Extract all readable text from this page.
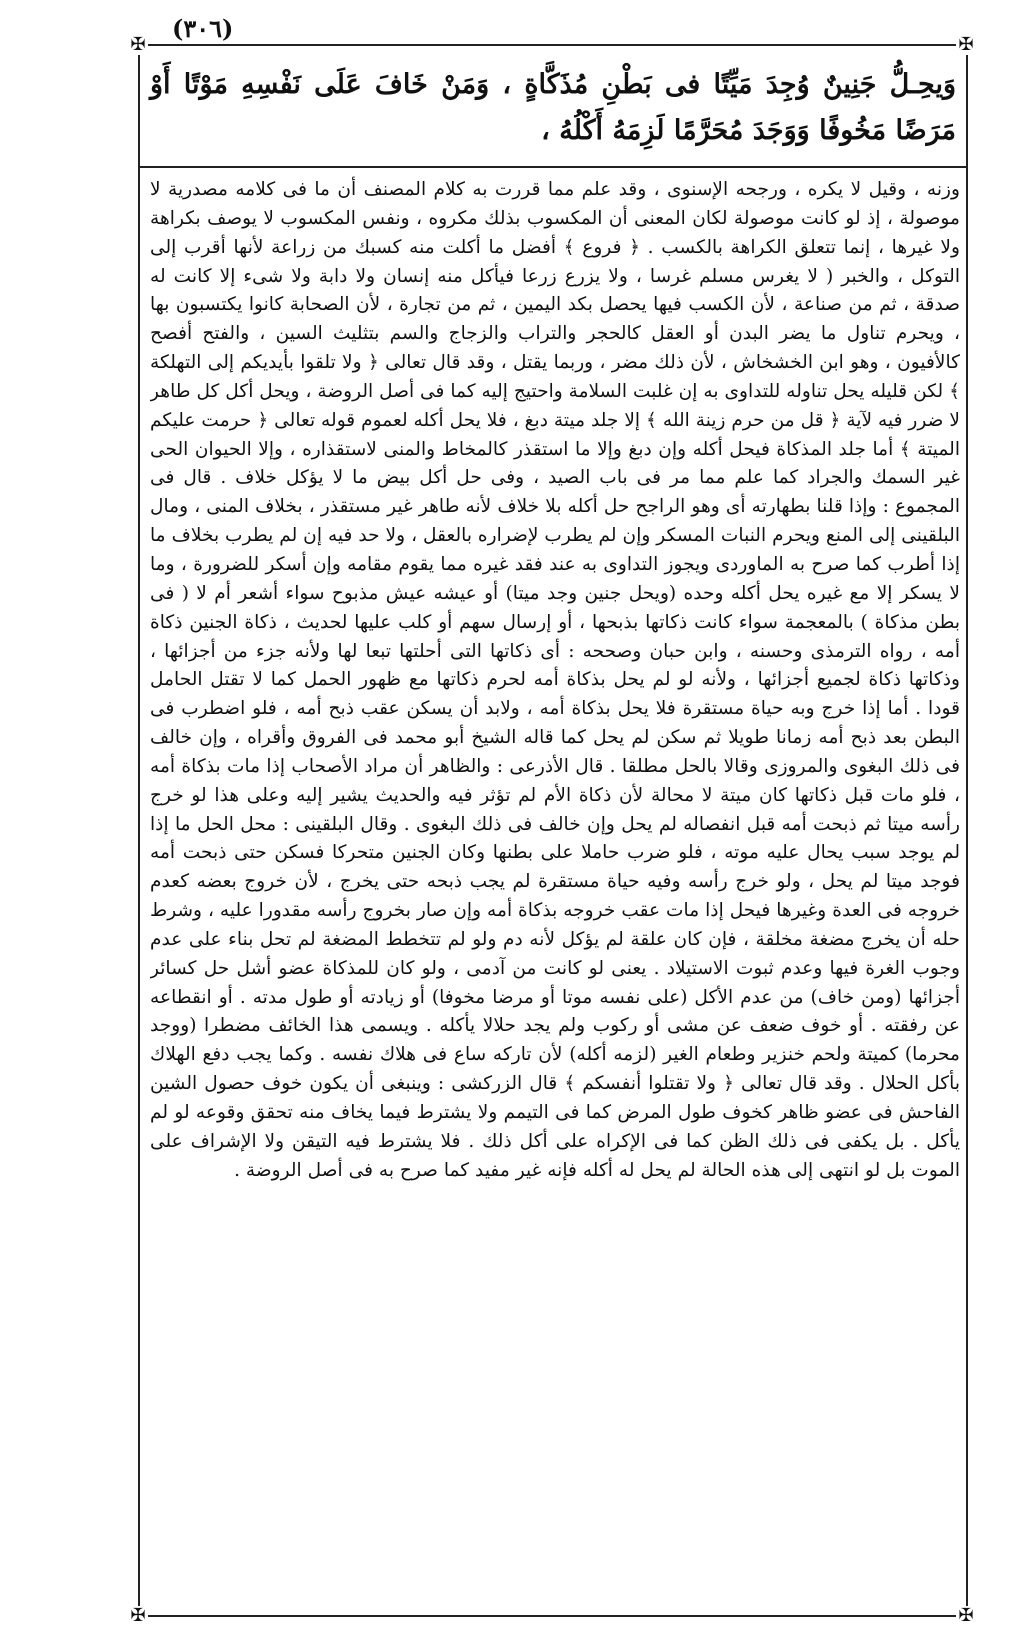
(٣٠٦)
✠	✠
✠	✠
وَيحِـلُّ جَنِينٌ وُجِدَ مَيِّتًا فى بَطْنِ مُذَكَّاةٍ ، وَمَنْ خَافَ عَلَى نَفْسِهِ مَوْتًا أَوْ مَرَضًا مَخُوفًا وَوَجَدَ مُحَرَّمًا لَزِمَهُ أَكْلُهُ ،

وزنه ، وقيل لا يكره ، ورجحه الإسنوى ، وقد علم مما قررت به كلام المصنف أن ما فى كلامه مصدرية لا موصولة ، إذ لو كانت موصولة لكان المعنى أن المكسوب بذلك مكروه ، ونفس المكسوب لا يوصف بكراهة ولا غيرها ، إنما تتعلق الكراهة بالكسب . ﴿ فروع ﴾ أفضل ما أكلت منه كسبك من زراعة لأنها أقرب إلى التوكل ، والخبر ( لا يغرس مسلم غرسا ، ولا يزرع زرعا فيأكل منه إنسان ولا دابة ولا شىء إلا كانت له صدقة ، ثم من صناعة ، لأن الكسب فيها يحصل بكد اليمين ، ثم من تجارة ، لأن الصحابة كانوا يكتسبون بها ، ويحرم تناول ما يضر البدن أو العقل كالحجر والتراب والزجاج والسم بتثليث السين ، والفتح أفصح كالأفيون ، وهو ابن الخشخاش ، لأن ذلك مضر ، وربما يقتل ، وقد قال تعالى ﴿ ولا تلقوا بأيديكم إلى التهلكة ﴾ لكن قليله يحل تناوله للتداوى به إن غلبت السلامة واحتيج إليه كما فى أصل الروضة ، ويحل أكل كل طاهر لا ضرر فيه لآية ﴿ قل من حرم زينة الله ﴾ إلا جلد ميتة دبغ ، فلا يحل أكله لعموم قوله تعالى ﴿ حرمت عليكم الميتة ﴾ أما جلد المذكاة فيحل أكله وإن دبغ وإلا ما استقذر كالمخاط والمنى لاستقذاره ، وإلا الحيوان الحى غير السمك والجراد كما علم مما مر فى باب الصيد ، وفى حل أكل بيض ما لا يؤكل خلاف . قال فى المجموع : وإذا قلنا بطهارته أى وهو الراجح حل أكله بلا خلاف لأنه طاهر غير مستقذر ، بخلاف المنى ، ومال البلقينى إلى المنع ويحرم النبات المسكر وإن لم يطرب لإضراره بالعقل ، ولا حد فيه إن لم يطرب بخلاف ما إذا أطرب كما صرح به الماوردى ويجوز التداوى به عند فقد غيره مما يقوم مقامه وإن أسكر للضرورة ، وما لا يسكر إلا مع غيره يحل أكله وحده (ويحل جنين وجد ميتا) أو عيشه عيش مذبوح سواء أشعر أم لا ( فى بطن مذكاة ) بالمعجمة سواء كانت ذكاتها بذبحها ، أو إرسال سهم أو كلب عليها لحديث ، ذكاة الجنين ذكاة أمه ، رواه الترمذى وحسنه ، وابن حبان وصححه : أى ذكاتها التى أحلتها تبعا لها ولأنه جزء من أجزائها ، وذكاتها ذكاة لجميع أجزائها ، ولأنه لو لم يحل بذكاة أمه لحرم ذكاتها مع ظهور الحمل كما لا تقتل الحامل قودا . أما إذا خرج وبه حياة مستقرة فلا يحل بذكاة أمه ، ولابد أن يسكن عقب ذبح أمه ، فلو اضطرب فى البطن بعد ذبح أمه زمانا طويلا ثم سكن لم يحل كما قاله الشيخ أبو محمد فى الفروق وأقراه ، وإن خالف فى ذلك البغوى والمروزى وقالا بالحل مطلقا . قال الأذرعى : والظاهر أن مراد الأصحاب إذا مات بذكاة أمه ، فلو مات قبل ذكاتها كان ميتة لا محالة لأن ذكاة الأم لم تؤثر فيه والحديث يشير إليه وعلى هذا لو خرج رأسه ميتا ثم ذبحت أمه قبل انفصاله لم يحل وإن خالف فى ذلك البغوى . وقال البلقينى : محل الحل ما إذا لم يوجد سبب يحال عليه موته ، فلو ضرب حاملا على بطنها وكان الجنين متحركا فسكن حتى ذبحت أمه فوجد ميتا لم يحل ، ولو خرج رأسه وفيه حياة مستقرة لم يجب ذبحه حتى يخرج ، لأن خروج بعضه كعدم خروجه فى العدة وغيرها فيحل إذا مات عقب خروجه بذكاة أمه وإن صار بخروج رأسه مقدورا عليه ، وشرط حله أن يخرج مضغة مخلقة ، فإن كان علقة لم يؤكل لأنه دم ولو لم تتخطط المضغة لم تحل بناء على عدم وجوب الغرة فيها وعدم ثبوت الاستيلاد . يعنى لو كانت من آدمى ، ولو كان للمذكاة عضو أشل حل كسائر أجزائها (ومن خاف) من عدم الأكل (على نفسه موتا أو مرضا مخوفا) أو زيادته أو طول مدته . أو انقطاعه عن رفقته . أو خوف ضعف عن مشى أو ركوب ولم يجد حلالا يأكله . ويسمى هذا الخائف مضطرا (ووجد محرما) كميتة ولحم خنزير وطعام الغير (لزمه أكله) لأن تاركه ساع فى هلاك نفسه . وكما يجب دفع الهلاك بأكل الحلال . وقد قال تعالى ﴿ ولا تقتلوا أنفسكم ﴾ قال الزركشى : وينبغى أن يكون خوف حصول الشين الفاحش فى عضو ظاهر كخوف طول المرض كما فى التيمم ولا يشترط فيما يخاف منه تحقق وقوعه لو لم يأكل . بل يكفى فى ذلك الظن كما فى الإكراه على أكل ذلك . فلا يشترط فيه التيقن ولا الإشراف على الموت بل لو انتهى إلى هذه الحالة لم يحل له أكله فإنه غير مفيد كما صرح به فى أصل الروضة .
